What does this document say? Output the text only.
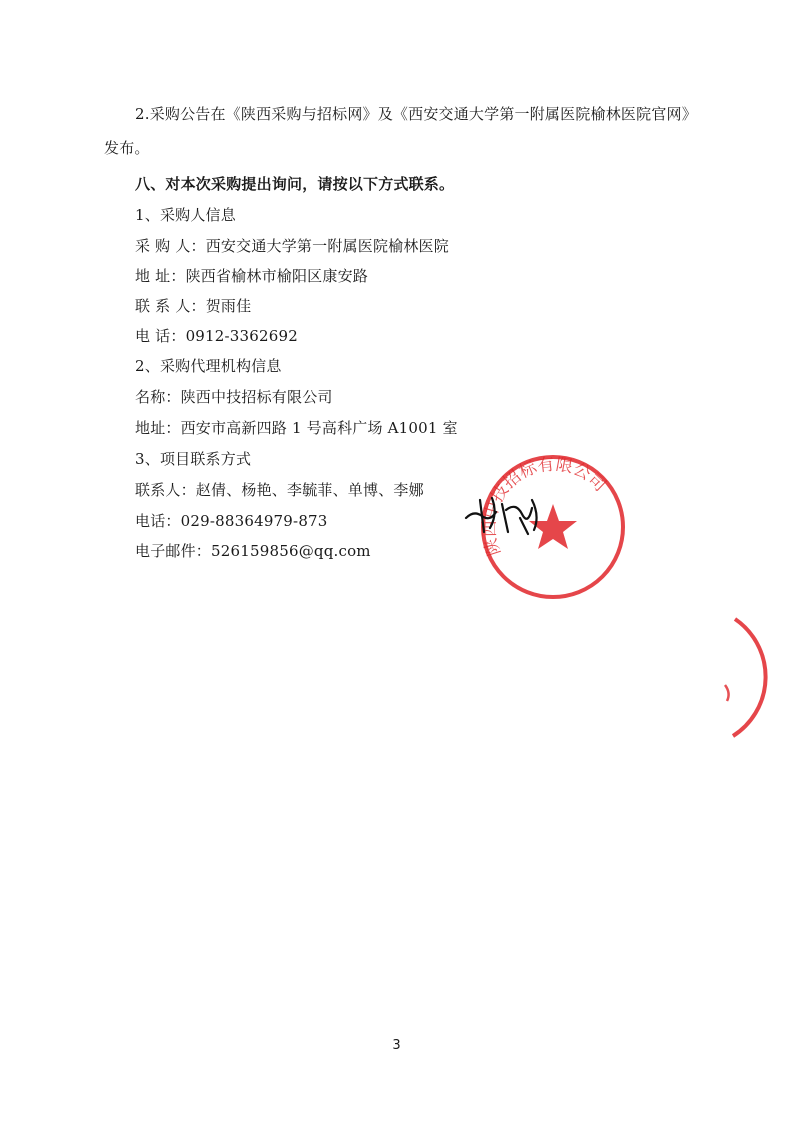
2.采购公告在《陕西采购与招标网》及《西安交通大学第一附属医院榆林医院官网》
发布。
八、对本次采购提出询问，请按以下方式联系。
1、采购人信息
采 购 人：西安交通大学第一附属医院榆林医院
地 址：陕西省榆林市榆阳区康安路
联 系 人：贺雨佳
电 话：0912-3362692
2、采购代理机构信息
名称：陕西中技招标有限公司
地址：西安市高新四路 1 号高科广场 A1001 室
3、项目联系方式
联系人：赵倩、杨艳、李毓菲、单博、李娜
电话：029-88364979-873
电子邮件：526159856@qq.com	陕西中技招标有限公司
3
